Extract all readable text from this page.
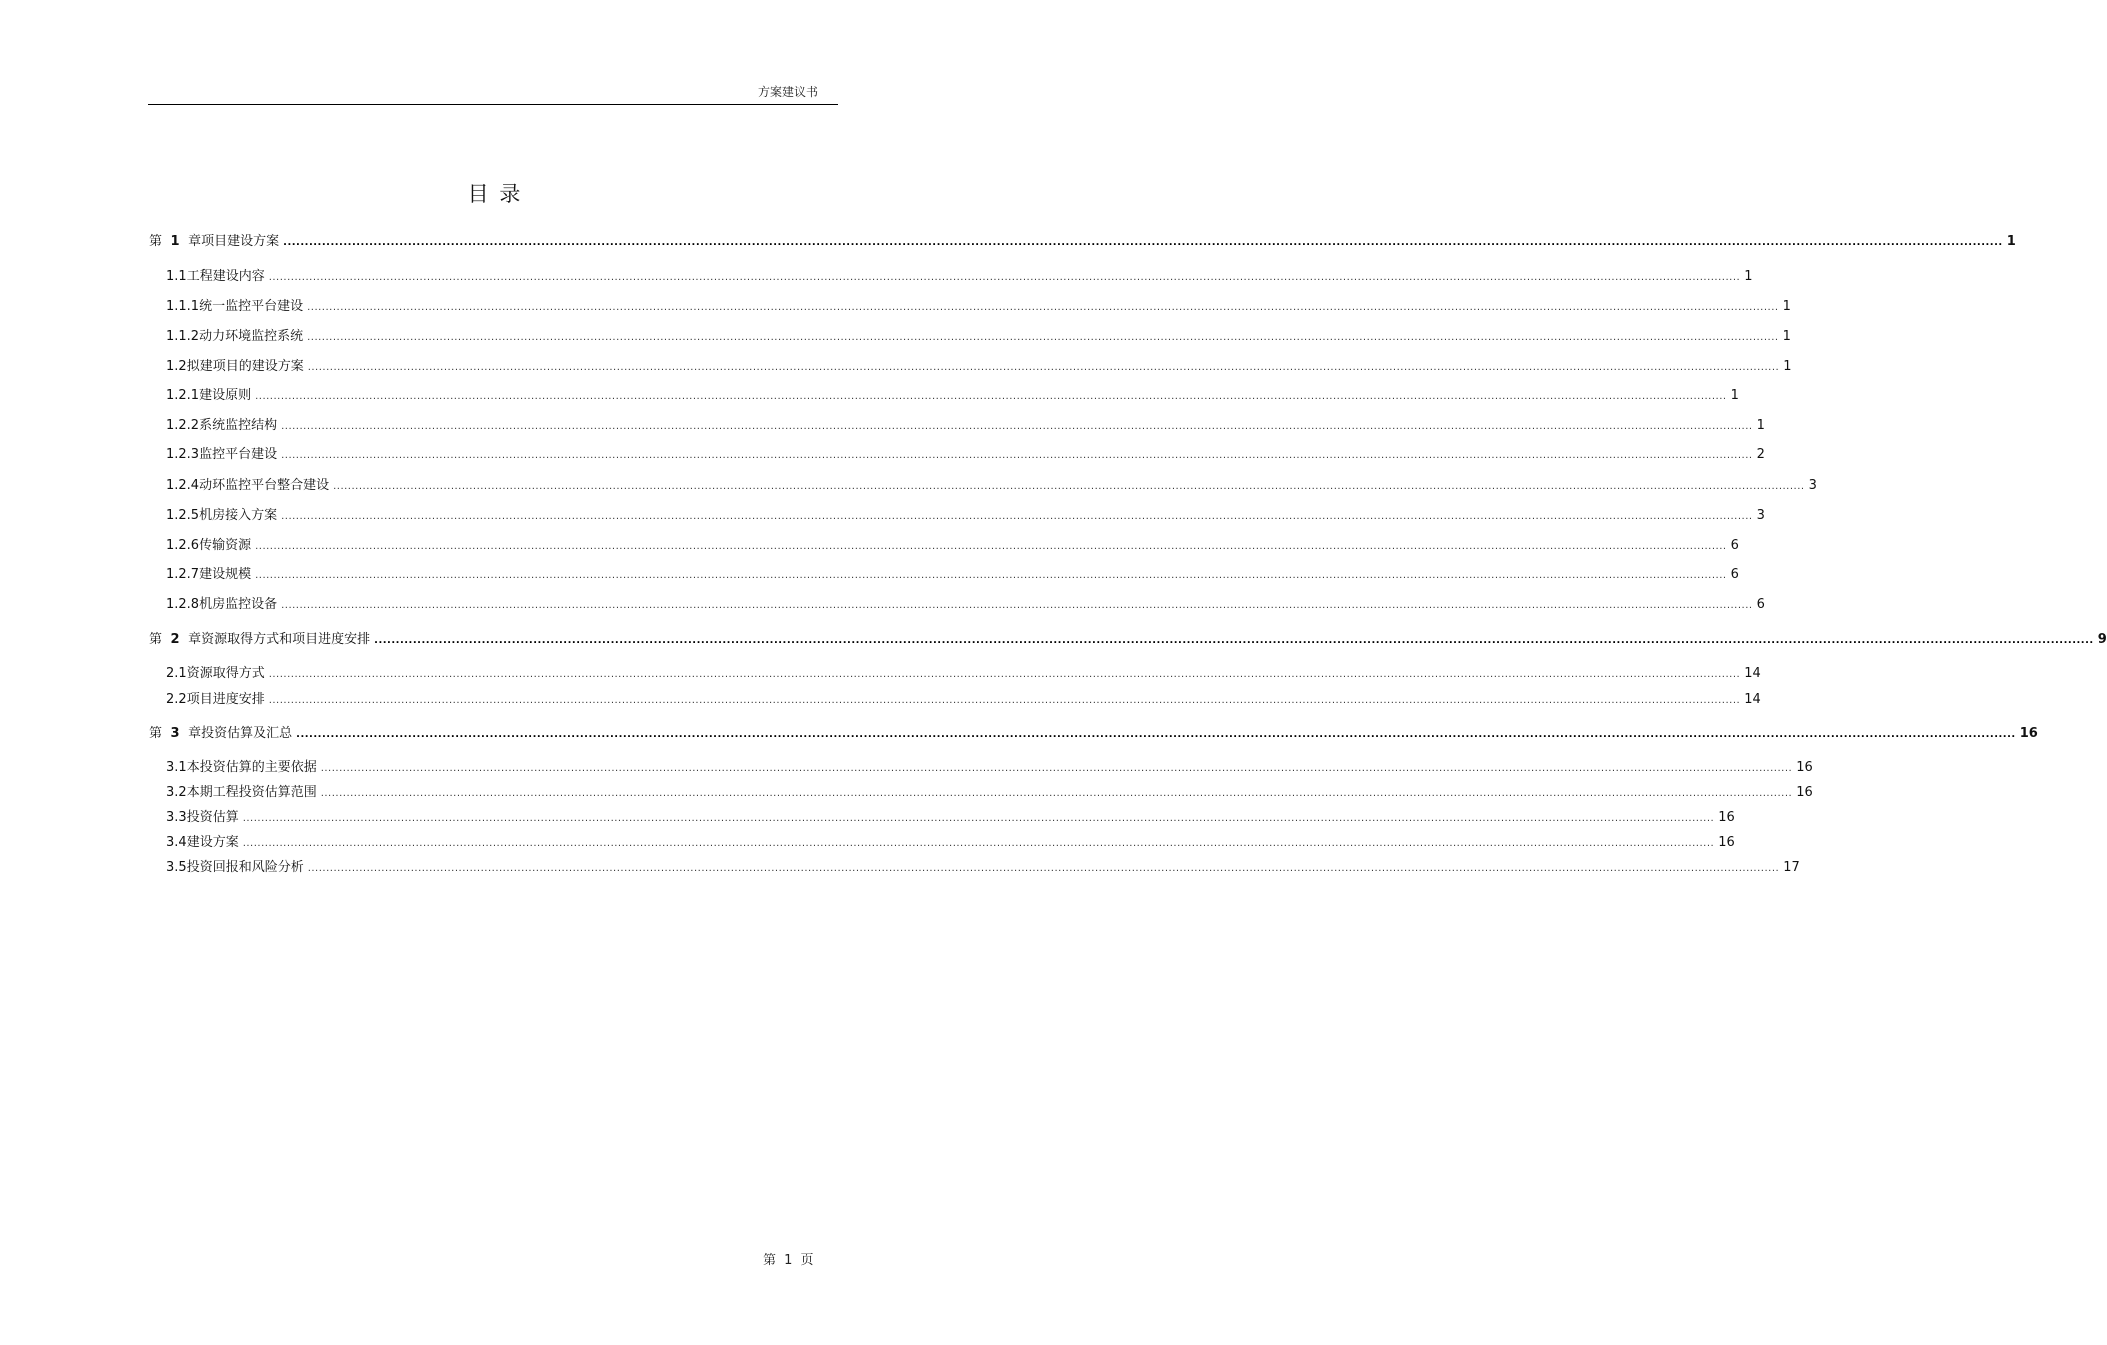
方案建议书
目 录
第 1 章 项目建设方案 ................................................................................................................................................................................................................................................................................................................................................................................................................ 1
1.1 工程建设内容 ................................................................................................................................................................................................................................................................................................................................................................................................................ 1
1.1.1 统一监控平台建设 ................................................................................................................................................................................................................................................................................................................................................................................................................ 1
1.1.2 动力环境监控系统 ................................................................................................................................................................................................................................................................................................................................................................................................................ 1
1.2 拟建项目的建设方案 ................................................................................................................................................................................................................................................................................................................................................................................................................ 1
1.2.1 建设原则 ................................................................................................................................................................................................................................................................................................................................................................................................................ 1
1.2.2 系统监控结构 ................................................................................................................................................................................................................................................................................................................................................................................................................ 1
1.2.3 监控平台建设 ................................................................................................................................................................................................................................................................................................................................................................................................................ 2
1.2.4 动环监控平台整合建设 ................................................................................................................................................................................................................................................................................................................................................................................................................ 3
1.2.5 机房接入方案 ................................................................................................................................................................................................................................................................................................................................................................................................................ 3
1.2.6 传输资源 ................................................................................................................................................................................................................................................................................................................................................................................................................ 6
1.2.7 建设规模 ................................................................................................................................................................................................................................................................................................................................................................................................................ 6
1.2.8 机房监控设备 ................................................................................................................................................................................................................................................................................................................................................................................................................ 6
第 2 章 资源取得方式和项目进度安排 ................................................................................................................................................................................................................................................................................................................................................................................................................ 9
2.1 资源取得方式 ................................................................................................................................................................................................................................................................................................................................................................................................................ 14
2.2 项目进度安排 ................................................................................................................................................................................................................................................................................................................................................................................................................ 14
第 3 章 投资估算及汇总 ................................................................................................................................................................................................................................................................................................................................................................................................................ 16
3.1 本投资估算的主要依据 ................................................................................................................................................................................................................................................................................................................................................................................................................ 16
3.2 本期工程投资估算范围 ................................................................................................................................................................................................................................................................................................................................................................................................................ 16
3.3 投资估算 ................................................................................................................................................................................................................................................................................................................................................................................................................ 16
3.4 建设方案 ................................................................................................................................................................................................................................................................................................................................................................................................................ 16
3.5 投资回报和风险分析 ................................................................................................................................................................................................................................................................................................................................................................................................................ 17
第 1 页
